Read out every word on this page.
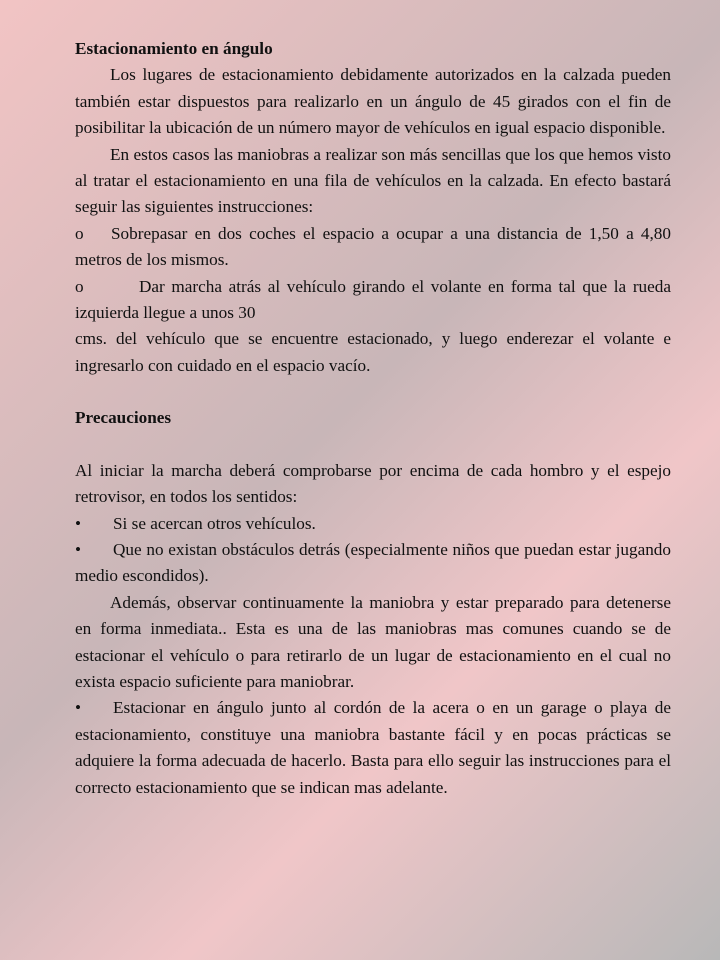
Estacionamiento en ángulo

Los lugares de estacionamiento debidamente autorizados en la calzada pueden también estar dispuestos para realizarlo en un ángulo de 45 girados con el fin de posibilitar la ubicación de un número mayor de vehículos en igual espacio disponible.

En estos casos las maniobras a realizar son más sencillas que los que hemos visto al tratar el estacionamiento en una fila de vehículos en la calzada. En efecto bastará seguir las siguientes instrucciones:

o Sobrepasar en dos coches el espacio a ocupar a una distancia de 1,50 a 4,80 metros de los mismos.

o	Dar marcha atrás al vehículo girando el volante en forma tal que la rueda izquierda llegue a unos 30

cms. del vehículo que se encuentre estacionado, y luego enderezar el volante e ingresarlo con cuidado en el espacio vacío.

Precauciones

Al iniciar la marcha deberá comprobarse por encima de cada hombro y el espejo retrovisor, en todos los sentidos:

• Si se acercan otros vehículos.

• Que no existan obstáculos detrás (especialmente niños que puedan estar jugando medio escondidos).

Además, observar continuamente la maniobra y estar preparado para detenerse en forma inmediata.. Esta es una de las maniobras mas comunes cuando se de estacionar el vehículo o para retirarlo de un lugar de estacionamiento en el cual no exista espacio suficiente para maniobrar.

• Estacionar en ángulo junto al cordón de la acera o en un garage o playa de estacionamiento, constituye una maniobra bastante fácil y en pocas prácticas se adquiere la forma adecuada de hacerlo. Basta para ello seguir las instrucciones para el correcto estacionamiento que se indican mas adelante.
